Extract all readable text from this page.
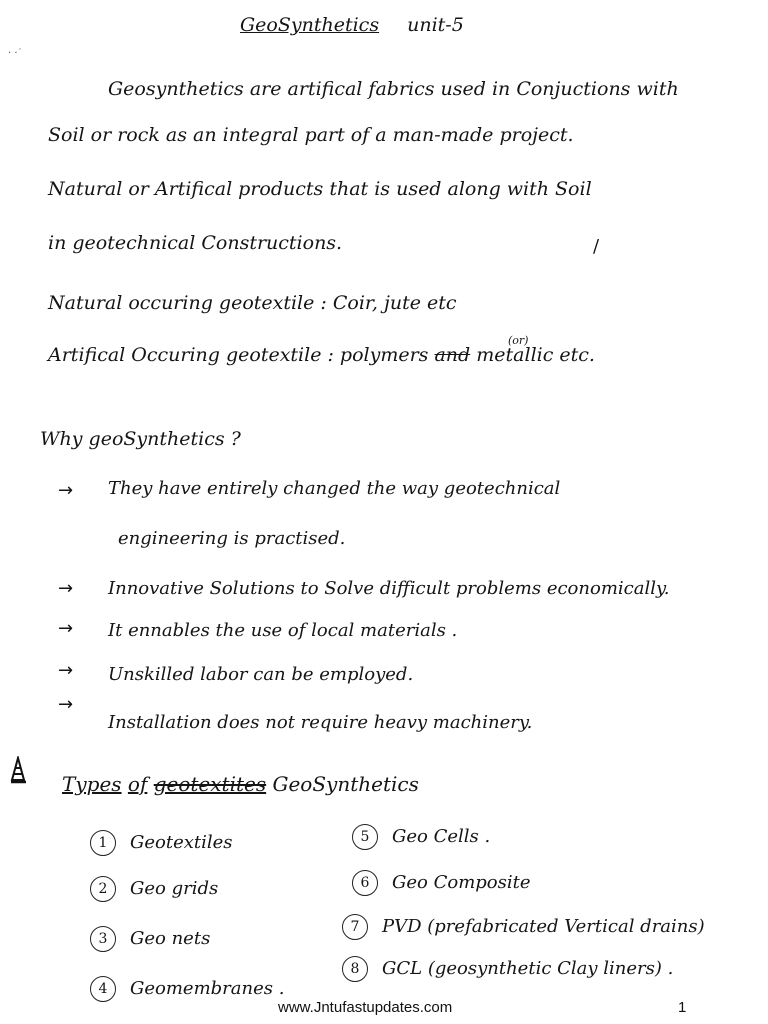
· ·˙
GeoSynthetics unit-5
Geosynthetics are artifical fabrics used in Conjuctions with
Soil or rock as an integral part of a man-made project.
Natural or Artifical products that is used along with Soil
in geotechnical Constructions.	/
Natural occuring geotextile : Coir, jute etc
Artifical Occuring geotextile : polymers and metallic etc.
(or)
Why geoSynthetics ?
→ They have entirely changed the way geotechnical
engineering is practised.
→ Innovative Solutions to Solve difficult problems economically.
→ It ennables the use of local materials .
→ Unskilled labor can be employed.
→
Installation does not require heavy machinery.
Types of geotextites GeoSynthetics
1 Geotextiles
2 Geo grids
3 Geo nets
4 Geomembranes .
5 Geo Cells .
6 Geo Composite
7 PVD (prefabricated Vertical drains)
8 GCL (geosynthetic Clay liners) .
www.Jntufastupdates.com	1
